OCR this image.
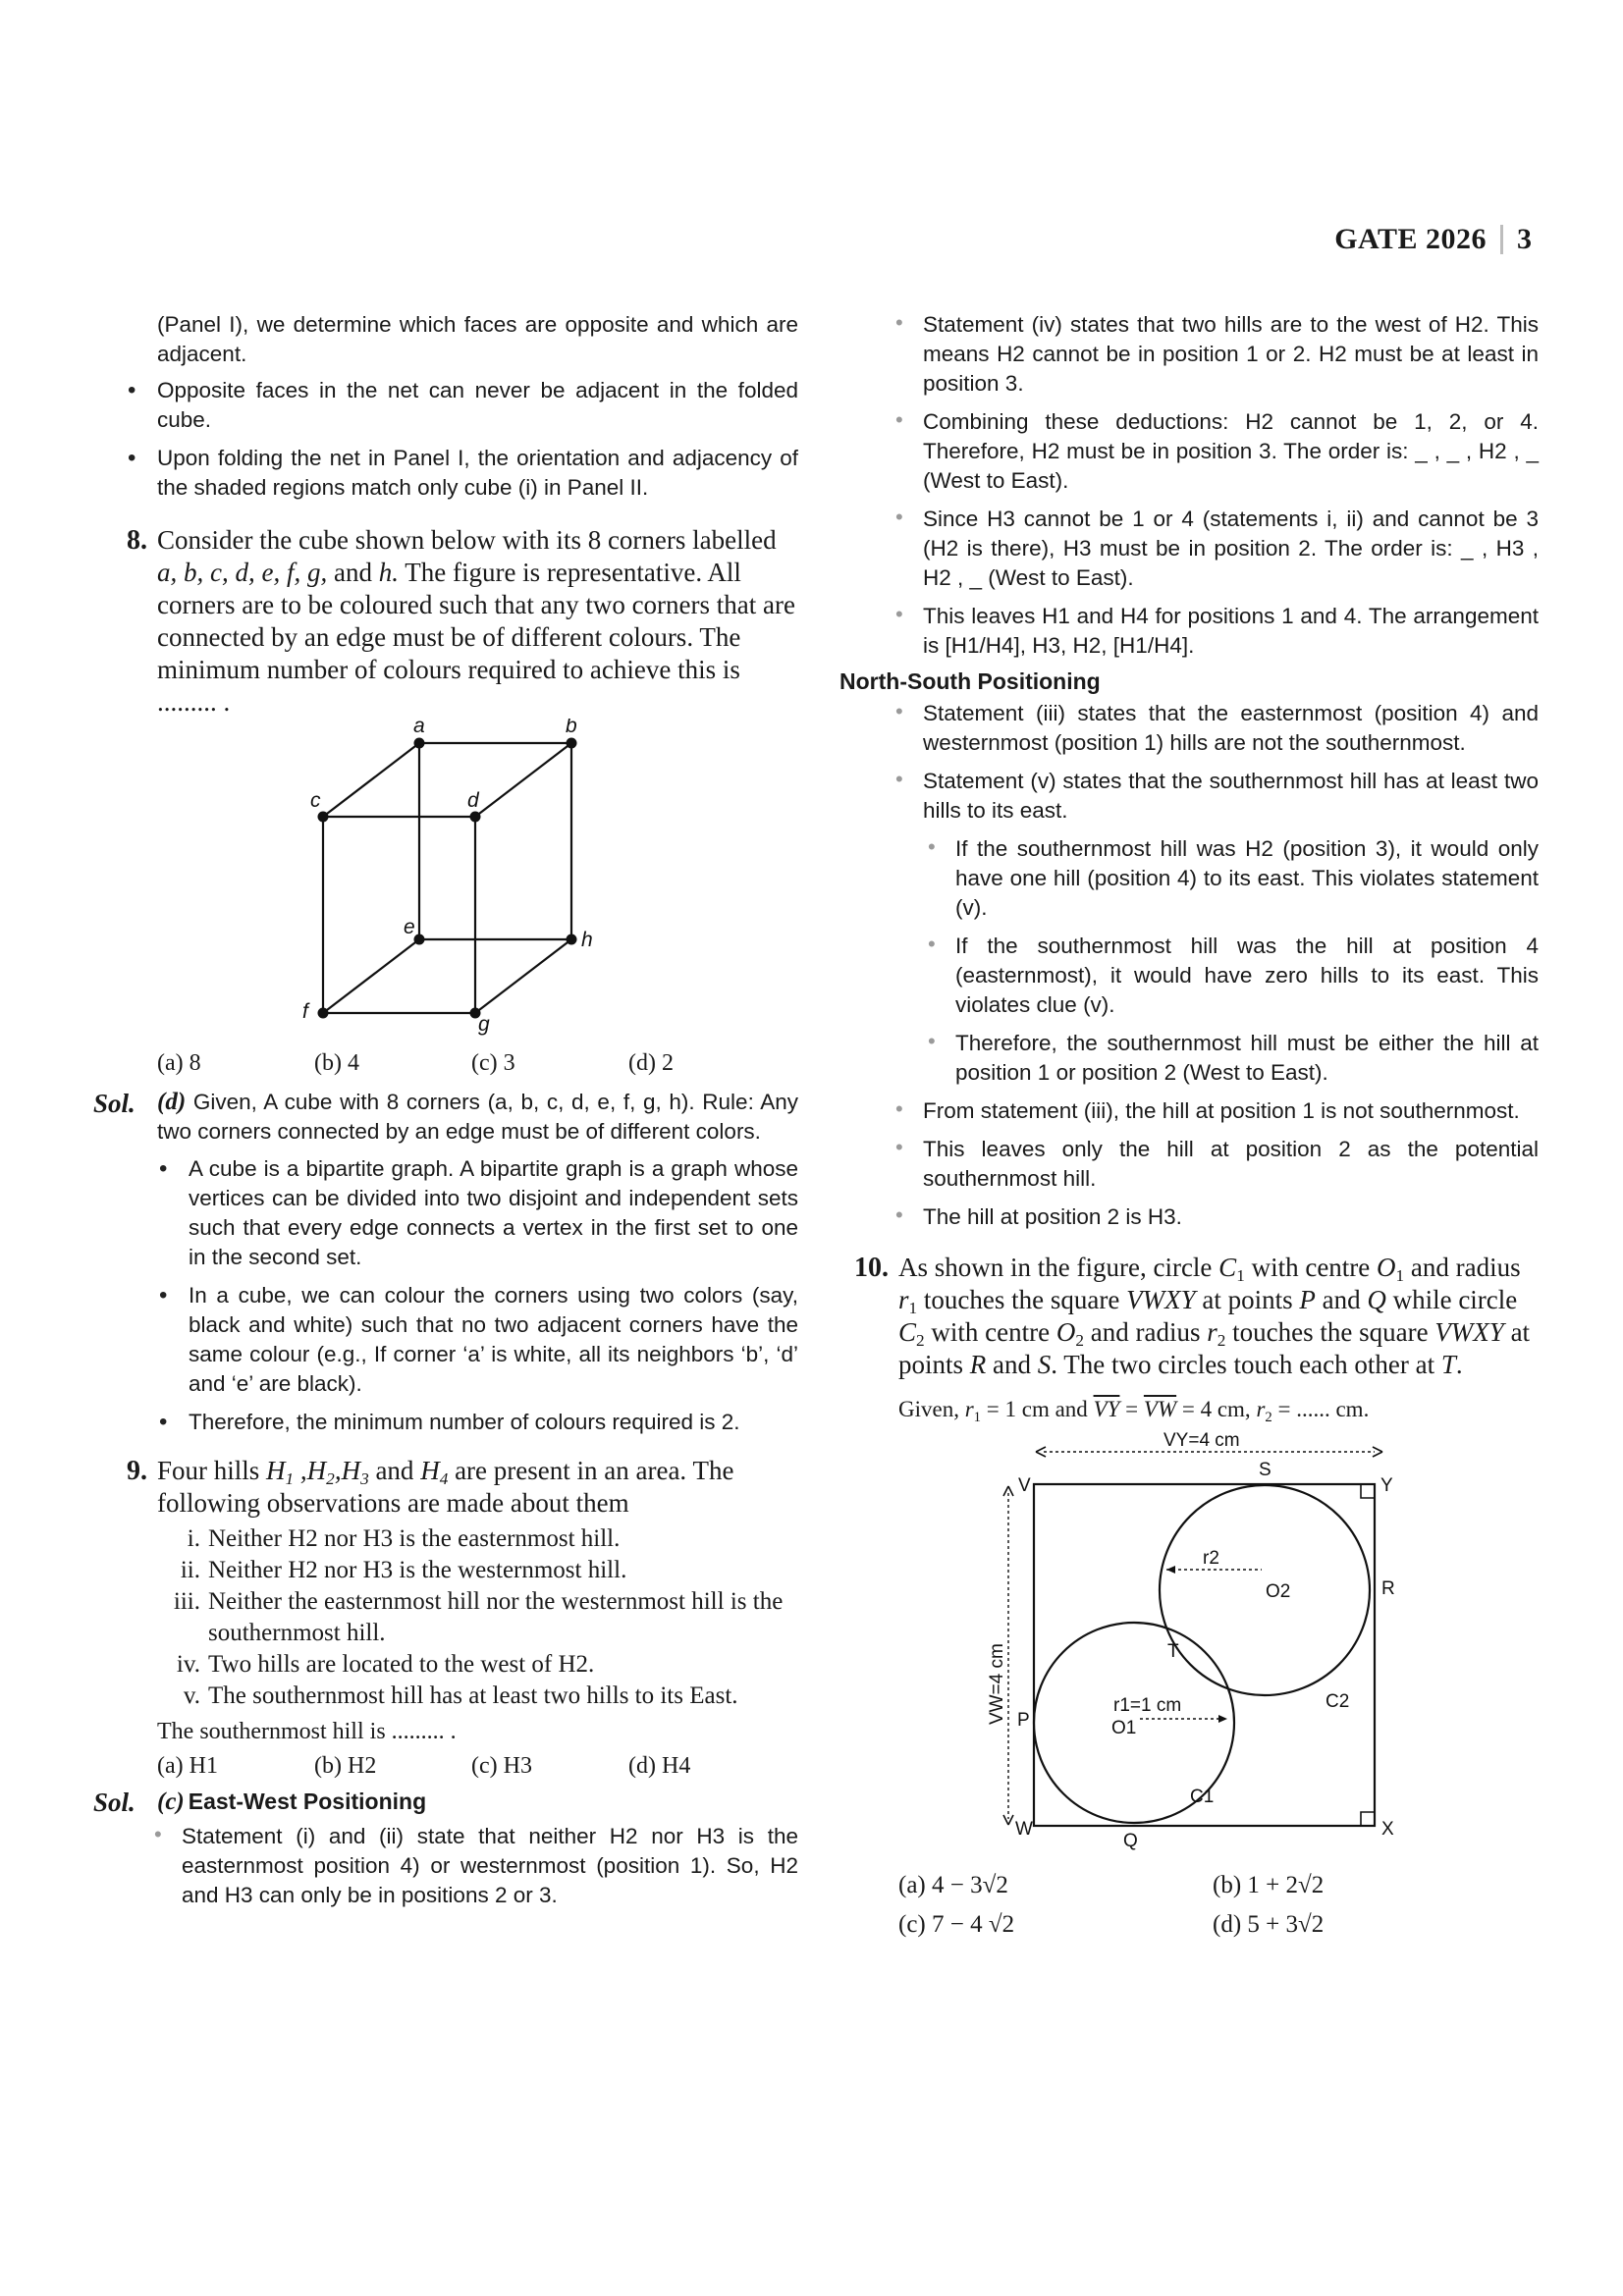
GATE 2026 3

(Panel I), we determine which faces are opposite and which are adjacent.

• Opposite faces in the net can never be adjacent in the folded cube.
• Upon folding the net in Panel I, the orientation and adjacency of the shaded regions match only cube (i) in Panel II.
8. Consider the cube shown below with its 8 corners labelled a, b, c, d, e, f, g, and h. The figure is representative. All corners are to be coloured such that any two corners that are connected by an edge must be of different colours. The minimum number of colours required to achieve this is ......... .
a	b
c	d
e
h
f
g
(a) 8	(b) 4	(c) 3	(d) 2
Sol. (d) Given, A cube with 8 corners (a, b, c, d, e, f, g, h). Rule: Any two corners connected by an edge must be of different colors.

• A cube is a bipartite graph. A bipartite graph is a graph whose vertices can be divided into two disjoint and independent sets such that every edge connects a vertex in the first set to one in the second set.
• In a cube, we can colour the corners using two colors (say, black and white) such that no two adjacent corners have the same colour (e.g., If corner ‘a’ is white, all its neighbors ‘b’, ‘d’ and ‘e’ are black).
• Therefore, the minimum number of colours required is 2.
9. Four hills $H_1$ $,H_2,H_3$ and $H_4$ are present in an area. The following observations are made about them
i. Neither H2 nor H3 is the easternmost hill.
ii. Neither H2 nor H3 is the westernmost hill.
iii. Neither the easternmost hill nor the westernmost hill is the southernmost hill.
iv. Two hills are located to the west of H2.
v. The southernmost hill has at least two hills to its East.

The southernmost hill is ......... .

(a) H1	(b) H2	(c) H3	(d) H4
Sol. (c) East-West Positioning

• Statement (i) and (ii) state that neither H2 nor H3 is the easternmost position 4) or westernmost (position 1). So, H2 and H3 can only be in positions 2 or 3.
• Statement (iv) states that two hills are to the west of H2. This means H2 cannot be in position 1 or 2. H2 must be at least in position 3.
• Combining these deductions: H2 cannot be 1, 2, or 4. Therefore, H2 must be in position 3. The order is: _ , _ , H2 , _ (West to East).
• Since H3 cannot be 1 or 4 (statements i, ii) and cannot be 3 (H2 is there), H3 must be in position 2. The order is: _ , H3 , H2 , _ (West to East).
• This leaves H1 and H4 for positions 1 and 4. The arrangement is [H1/H4], H3, H2, [H1/H4].

North-South Positioning

• Statement (iii) states that the easternmost (position 4) and westernmost (position 1) hills are not the southernmost.
• Statement (v) states that the southernmost hill has at least two hills to its east.
• If the southernmost hill was H2 (position 3), it would only have one hill (position 4) to its east. This violates statement (v).
• If the southernmost hill was the hill at position 4 (easternmost), it would have zero hills to its east. This violates clue (v).
• Therefore, the southernmost hill must be either the hill at position 1 or position 2 (West to East).
• From statement (iii), the hill at position 1 is not southernmost.
• This leaves only the hill at position 2 as the potential southernmost hill.
• The hill at position 2 is H3.
10. As shown in the figure, circle $C_1$ with centre $O_1$ and radius $r_1$ touches the square VWXY at points P and Q while circle $C_2$ with centre $O_2$ and radius $r_2$ touches the square VWXY at points R and S. The two circles touch each other at T.

Given, $r_1 = 1$ cm and $\overline{VY} = \overline{VW} = 4$ cm, $r_2$ = ...... cm.

VY=4 cm
VW=4 cm
V	Y
W	X
S
R
P
Q
T
C1
C2
O1
O2
r1=1 cm
r2
(a) 4 − 3√2	(b) 1 + 2√2
(c) 7 − 4 √2	(d) 5 + 3√2
